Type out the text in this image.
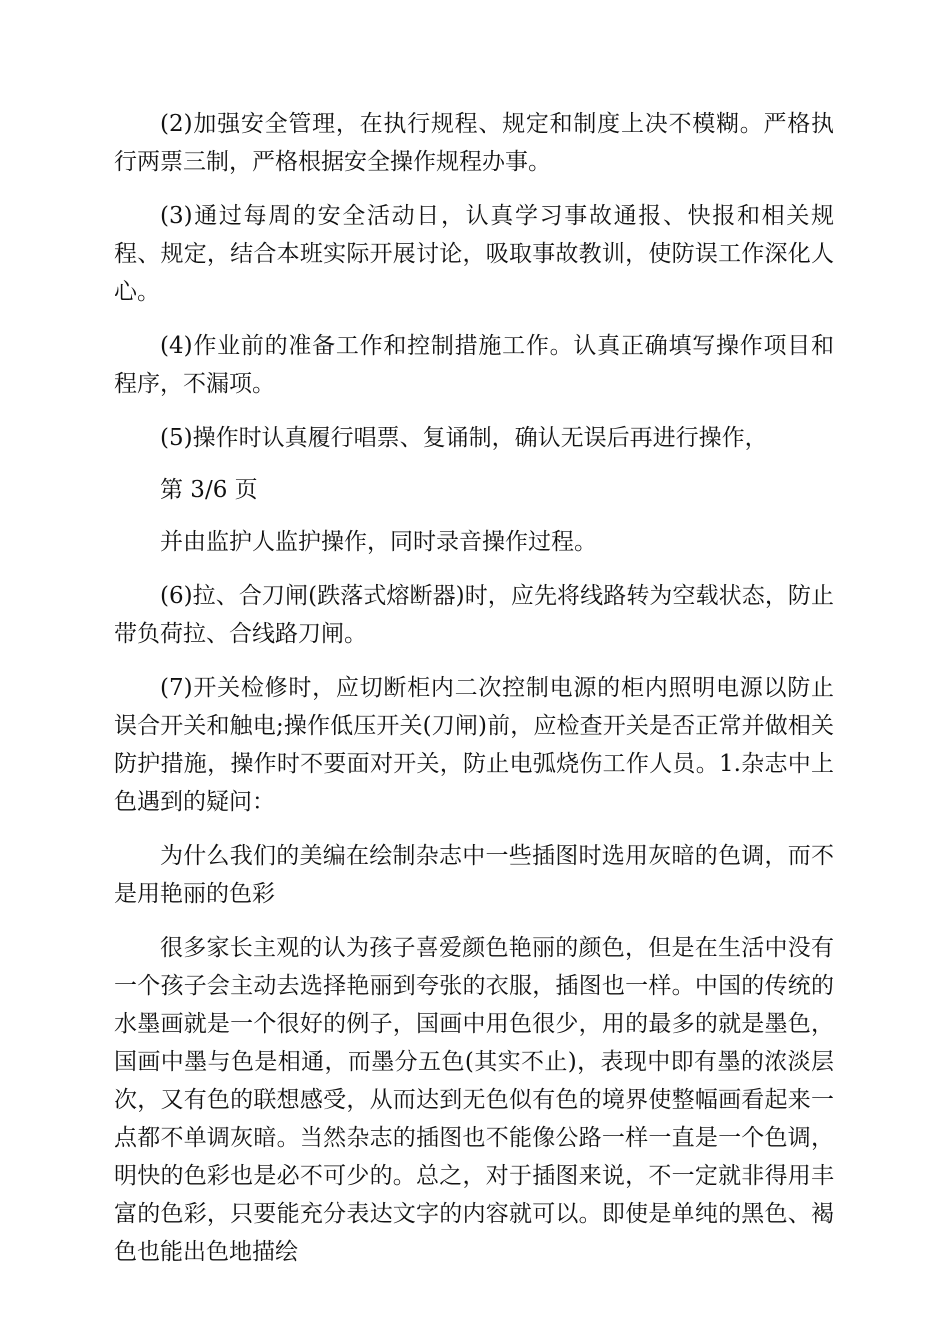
(2)加强安全管理，在执行规程、规定和制度上决不模糊。严格执行两票三制，严格根据安全操作规程办事。

(3)通过每周的安全活动日，认真学习事故通报、快报和相关规程、规定，结合本班实际开展讨论，吸取事故教训，使防误工作深化人心。

(4)作业前的准备工作和控制措施工作。认真正确填写操作项目和程序，不漏项。

(5)操作时认真履行唱票、复诵制，确认无误后再进行操作，

第 3/6 页

并由监护人监护操作，同时录音操作过程。

(6)拉、合刀闸(跌落式熔断器)时，应先将线路转为空载状态，防止带负荷拉、合线路刀闸。

(7)开关检修时，应切断柜内二次控制电源的柜内照明电源以防止误合开关和触电;操作低压开关(刀闸)前，应检查开关是否正常并做相关防护措施，操作时不要面对开关，防止电弧烧伤工作人员。1.杂志中上色遇到的疑问：

为什么我们的美编在绘制杂志中一些插图时选用灰暗的色调，而不是用艳丽的色彩

很多家长主观的认为孩子喜爱颜色艳丽的颜色，但是在生活中没有一个孩子会主动去选择艳丽到夸张的衣服，插图也一样。中国的传统的水墨画就是一个很好的例子，国画中用色很少，用的最多的就是墨色，国画中墨与色是相通，而墨分五色(其实不止)，表现中即有墨的浓淡层次，又有色的联想感受，从而达到无色似有色的境界使整幅画看起来一点都不单调灰暗。当然杂志的插图也不能像公路一样一直是一个色调，明快的色彩也是必不可少的。总之，对于插图来说，不一定就非得用丰富的色彩，只要能充分表达文字的内容就可以。即使是单纯的黑色、褐色也能出色地描绘
